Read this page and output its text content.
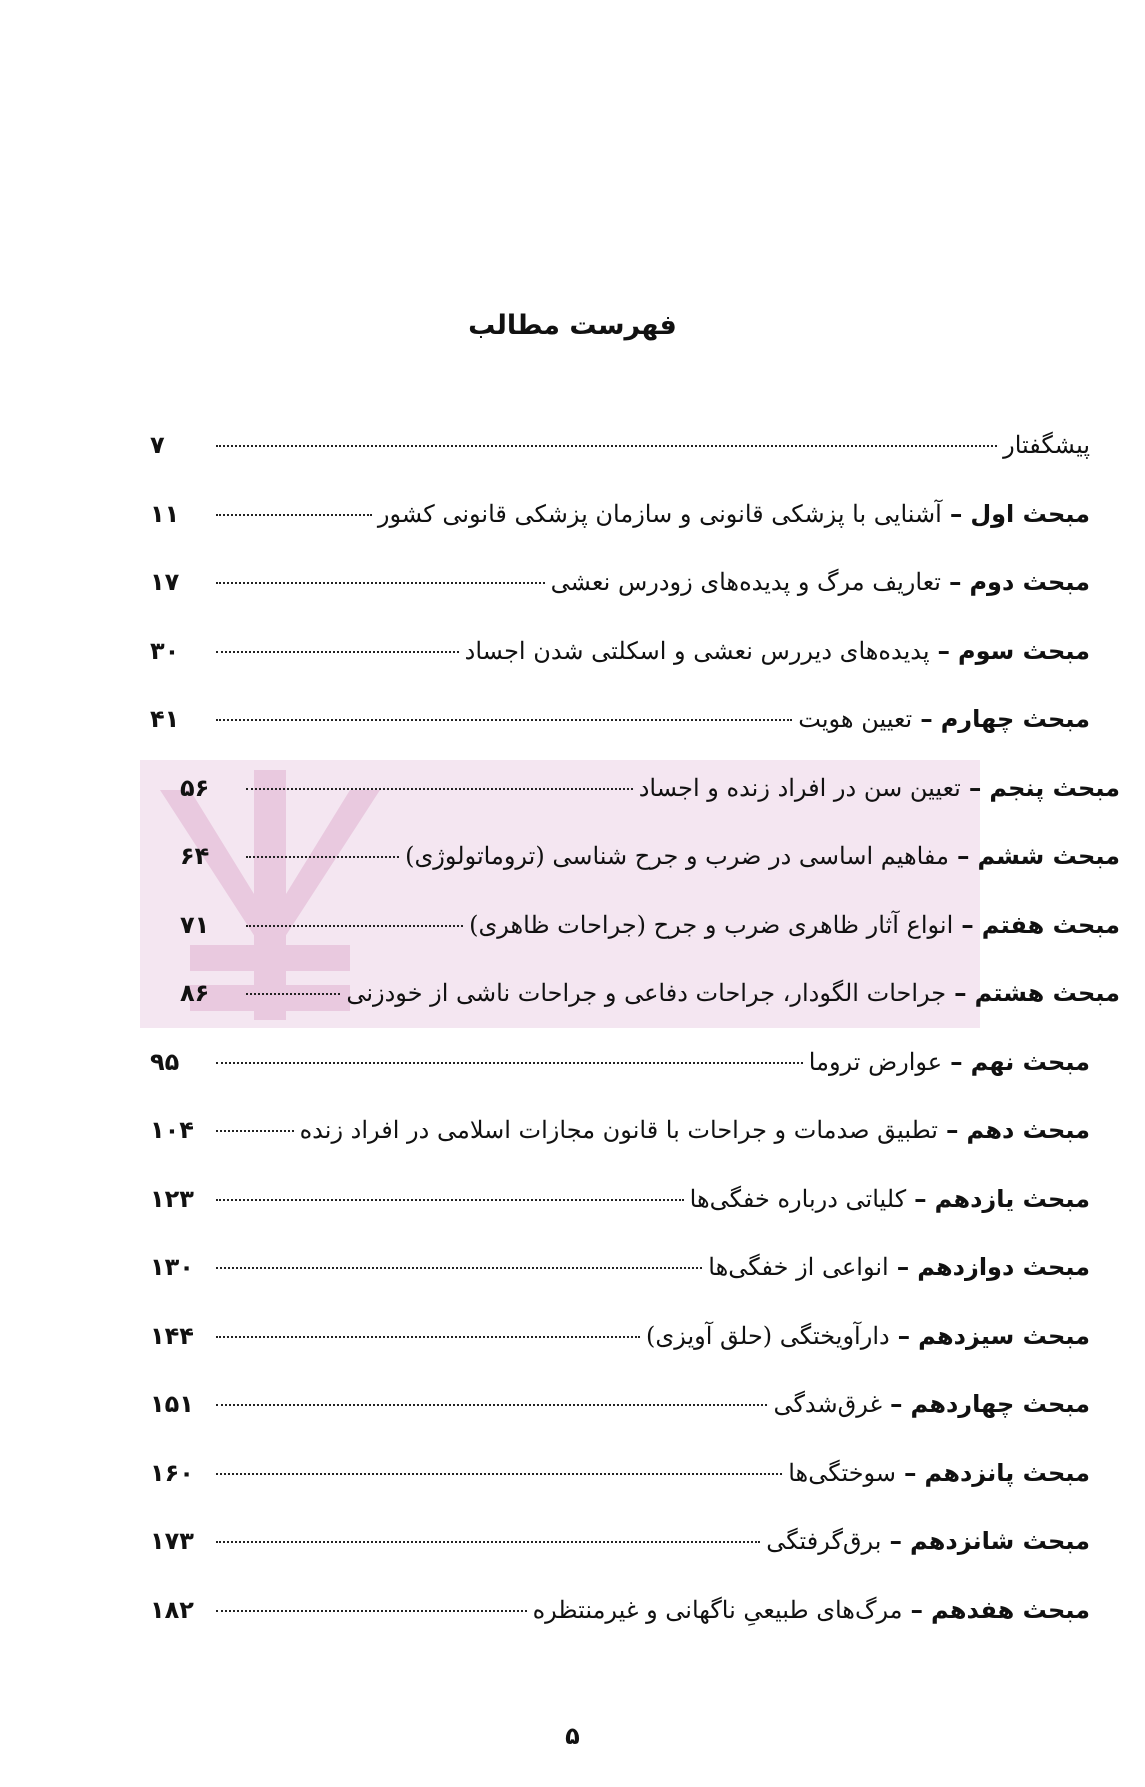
فهرست مطالب
پیشگفتار
۷
مبحث اول
–
آشنایی با پزشکی قانونی و سازمان پزشکی قانونی کشور
۱۱
مبحث دوم
–
تعاریف مرگ و پدیده‌های زودرس نعشی
۱۷
مبحث سوم
–
پدیده‌های دیررس نعشی و اسکلتی شدن اجساد
۳۰
مبحث چهارم
–
تعیین هویت
۴۱
مبحث پنجم
–
تعیین سن در افراد زنده و اجساد
۵۶
مبحث ششم
–
مفاهیم اساسی در ضرب و جرح شناسی (تروماتولوژی)
۶۴
مبحث هفتم
–
انواع آثار ظاهری ضرب و جرح (جراحات ظاهری)
۷۱
مبحث هشتم
–
جراحات الگودار، جراحات دفاعی و جراحات ناشی از خودزنی
۸۶
مبحث نهم
–
عوارض تروما
۹۵
مبحث دهم
–
تطبیق صدمات و جراحات با قانون مجازات اسلامی در افراد زنده
۱۰۴
مبحث یازدهم
–
کلیاتی درباره خفگی‌ها
۱۲۳
مبحث دوازدهم
–
انواعی از خفگی‌ها
۱۳۰
مبحث سیزدهم
–
دارآویختگی (حلق آویزی)
۱۴۴
مبحث چهاردهم
–
غرق‌شدگی
۱۵۱
مبحث پانزدهم
–
سوختگی‌ها
۱۶۰
مبحث شانزدهم
–
برق‌گرفتگی
۱۷۳
مبحث هفدهم
–
مرگ‌های طبیعیِ ناگهانی و غیرمنتظره
۱۸۲
۵
